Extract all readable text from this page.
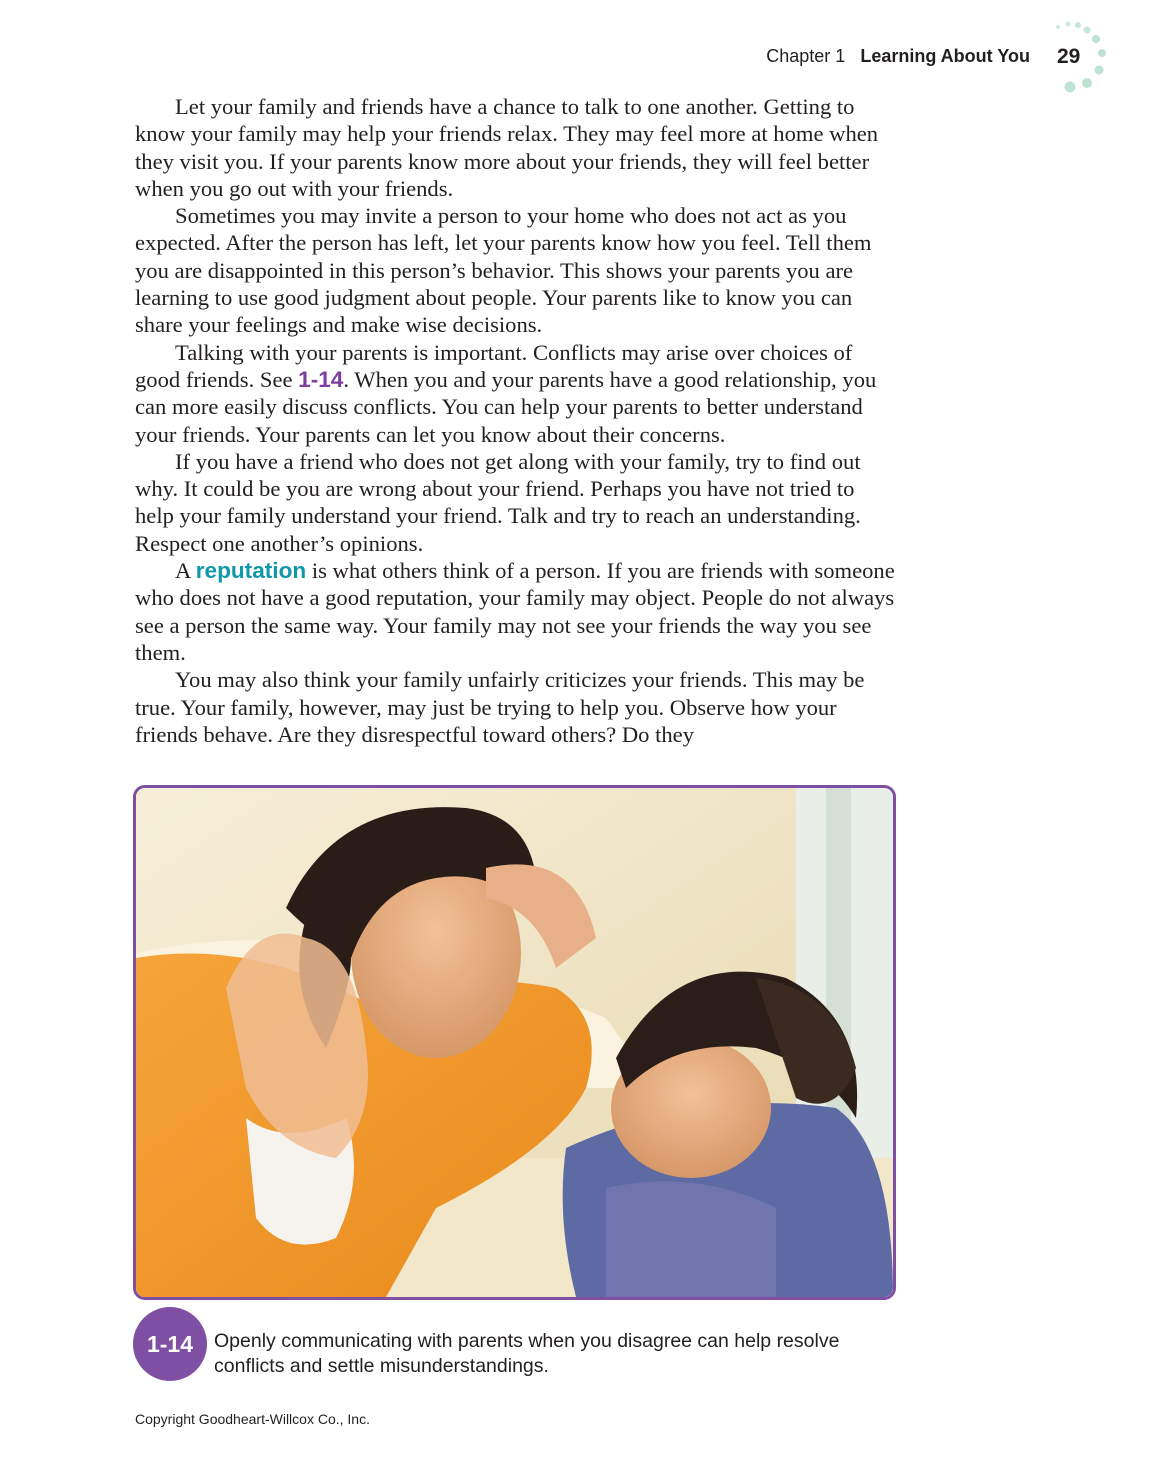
Chapter 1 Learning About You 29

Let your family and friends have a chance to talk to one another. Getting to know your family may help your friends relax. They may feel more at home when they visit you. If your parents know more about your friends, they will feel better when you go out with your friends.

Sometimes you may invite a person to your home who does not act as you expected. After the person has left, let your parents know how you feel. Tell them you are disappointed in this person’s behavior. This shows your parents you are learning to use good judgment about people. Your parents like to know you can share your feelings and make wise decisions.

Talking with your parents is important. Conflicts may arise over choices of good friends. See 1-14. When you and your parents have a good relationship, you can more easily discuss conflicts. You can help your parents to better understand your friends. Your parents can let you know about their concerns.

If you have a friend who does not get along with your family, try to find out why. It could be you are wrong about your friend. Perhaps you have not tried to help your family understand your friend. Talk and try to reach an understanding. Respect one another’s opinions.

A reputation is what others think of a person. If you are friends with someone who does not have a good reputation, your family may object. People do not always see a person the same way. Your family may not see your friends the way you see them.

You may also think your family unfairly criticizes your friends. This may be true. Your family, however, may just be trying to help you. Observe how your friends behave. Are they disrespectful toward others? Do they

1-14	Openly communicating with parents when you disagree can help resolve conflicts and settle misunderstandings.
Copyright Goodheart-Willcox Co., Inc.
